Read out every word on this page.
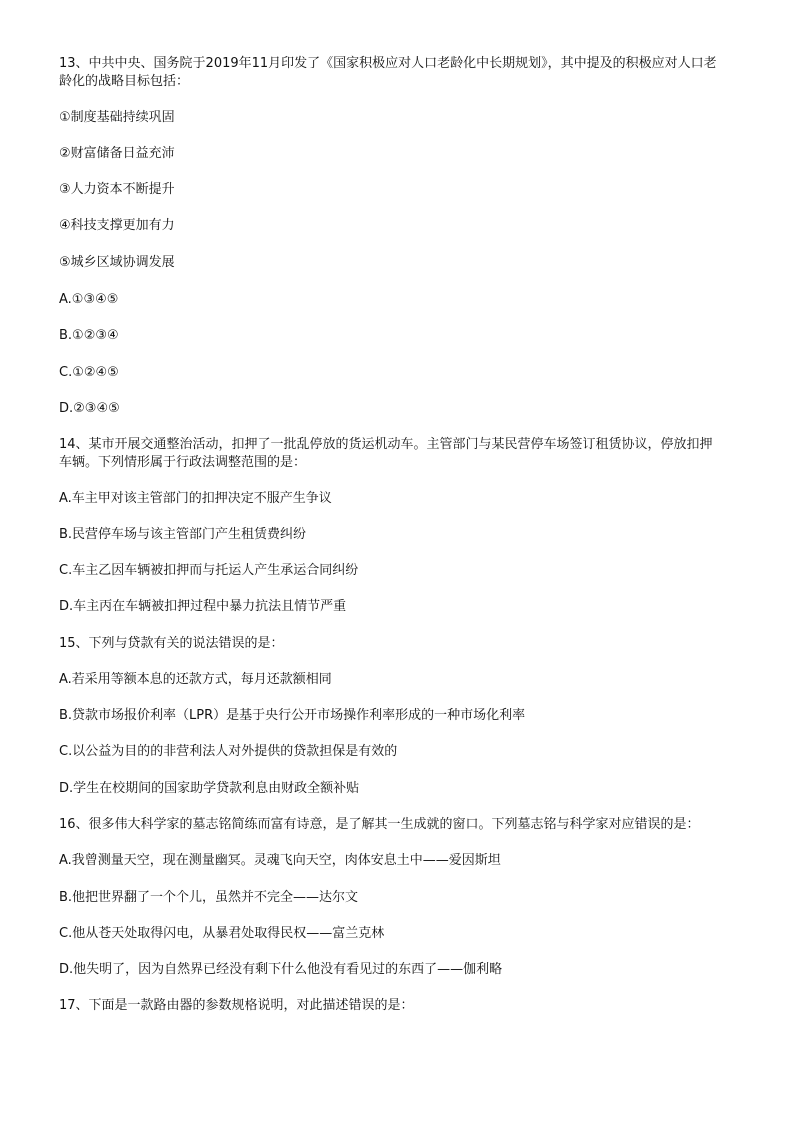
13、中共中央、国务院于2019年11月印发了《国家积极应对人口老龄化中长期规划》，其中提及的积极应对人口老

龄化的战略目标包括：

①制度基础持续巩固

②财富储备日益充沛

③人力资本不断提升

④科技支撑更加有力

⑤城乡区域协调发展

A.①③④⑤

B.①②③④

C.①②④⑤

D.②③④⑤

14、某市开展交通整治活动，扣押了一批乱停放的货运机动车。主管部门与某民营停车场签订租赁协议，停放扣押

车辆。下列情形属于行政法调整范围的是：

A.车主甲对该主管部门的扣押决定不服产生争议

B.民营停车场与该主管部门产生租赁费纠纷

C.车主乙因车辆被扣押而与托运人产生承运合同纠纷

D.车主丙在车辆被扣押过程中暴力抗法且情节严重

15、下列与贷款有关的说法错误的是：

A.若采用等额本息的还款方式，每月还款额相同

B.贷款市场报价利率（LPR）是基于央行公开市场操作利率形成的一种市场化利率

C.以公益为目的的非营利法人对外提供的贷款担保是有效的

D.学生在校期间的国家助学贷款利息由财政全额补贴

16、很多伟大科学家的墓志铭简练而富有诗意，是了解其一生成就的窗口。下列墓志铭与科学家对应错误的是：

A.我曾测量天空，现在测量幽冥。灵魂飞向天空，肉体安息土中——爱因斯坦

B.他把世界翻了一个个儿，虽然并不完全——达尔文

C.他从苍天处取得闪电，从暴君处取得民权——富兰克林

D.他失明了，因为自然界已经没有剩下什么他没有看见过的东西了——伽利略

17、下面是一款路由器的参数规格说明，对此描述错误的是：
